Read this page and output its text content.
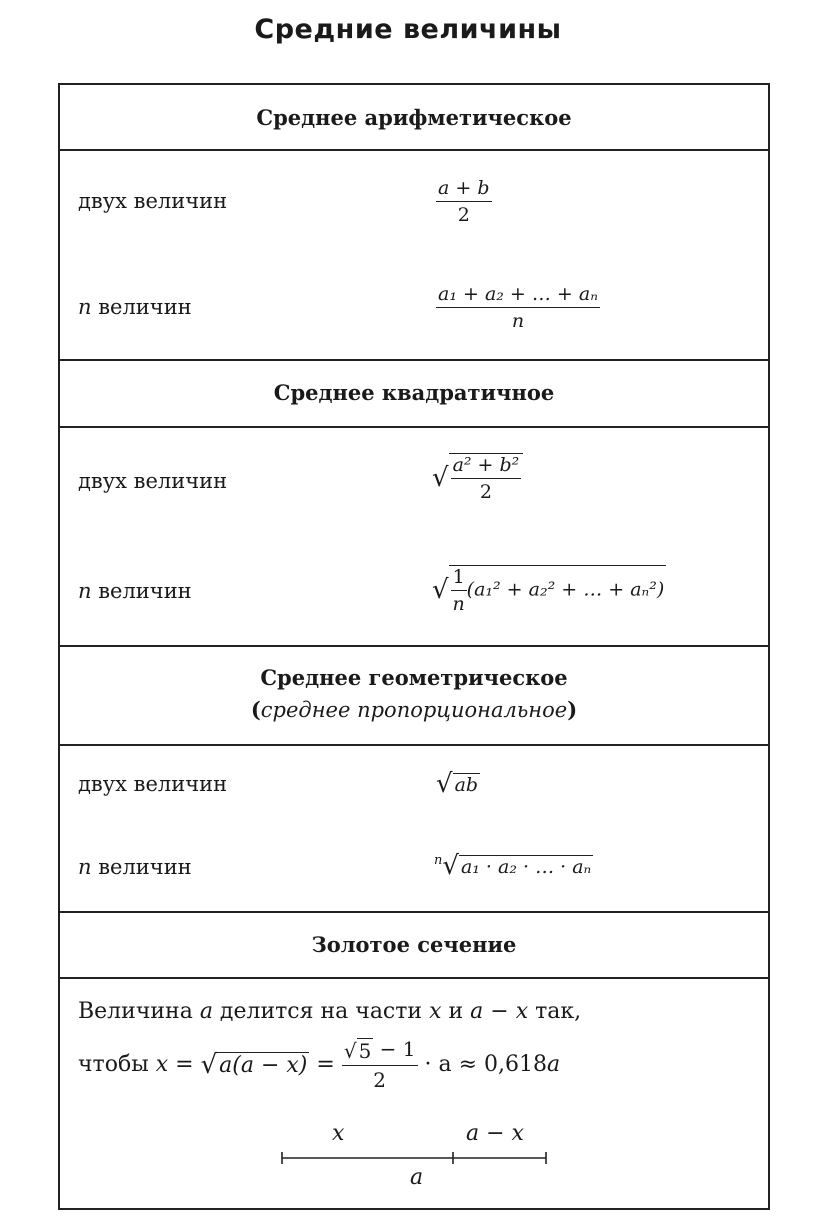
Средние величины
Среднее арифметическое
двух величин	$\frac{a + b}{2}$
n величин	$\frac{\text{a₁ + a₂ + … + aₙ}}{n}$
Среднее квадратичное
двух величин	√ $\frac{\text{a² + b²}}{2}$
n величин	√ $\frac{1}{n} (a_1^2 + a_2^2$ + … + aₙ²)
Среднее геометрическое
(среднее пропорциональное)
двух величин	√ ab
n величин	$^n$√ a₁ · a₂ · … · aₙ
Золотое сечение
Величина a делится на части x и a − x так,
чтобы $x = √a(a - x) = \frac{√ 5 - 1}{2} \cdot a \approx 0,618a$
x	a − x
a
